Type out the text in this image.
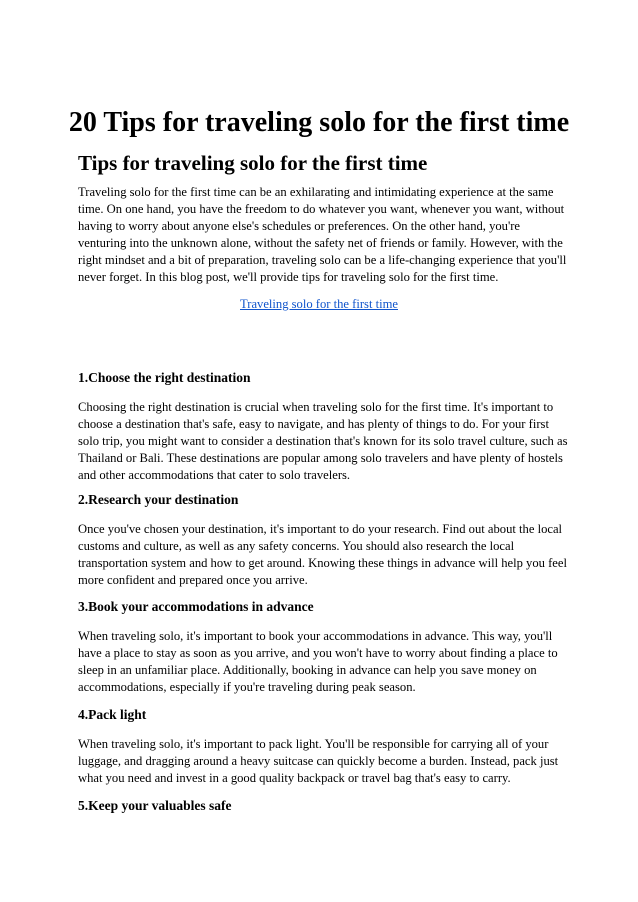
20 Tips for traveling solo for the first time
Tips for traveling solo for the first time

Traveling solo for the first time can be an exhilarating and intimidating experience at the same time. On one hand, you have the freedom to do whatever you want, whenever you want, without having to worry about anyone else's schedules or preferences. On the other hand, you're venturing into the unknown alone, without the safety net of friends or family. However, with the right mindset and a bit of preparation, traveling solo can be a life-changing experience that you'll never forget. In this blog post, we'll provide tips for traveling solo for the first time.

Traveling solo for the first time
1.Choose the right destination

Choosing the right destination is crucial when traveling solo for the first time. It's important to choose a destination that's safe, easy to navigate, and has plenty of things to do. For your first solo trip, you might want to consider a destination that's known for its solo travel culture, such as Thailand or Bali. These destinations are popular among solo travelers and have plenty of hostels and other accommodations that cater to solo travelers.

2.Research your destination

Once you've chosen your destination, it's important to do your research. Find out about the local customs and culture, as well as any safety concerns. You should also research the local transportation system and how to get around. Knowing these things in advance will help you feel more confident and prepared once you arrive.

3.Book your accommodations in advance

When traveling solo, it's important to book your accommodations in advance. This way, you'll have a place to stay as soon as you arrive, and you won't have to worry about finding a place to sleep in an unfamiliar place. Additionally, booking in advance can help you save money on accommodations, especially if you're traveling during peak season.

4.Pack light

When traveling solo, it's important to pack light. You'll be responsible for carrying all of your luggage, and dragging around a heavy suitcase can quickly become a burden. Instead, pack just what you need and invest in a good quality backpack or travel bag that's easy to carry.

5.Keep your valuables safe
